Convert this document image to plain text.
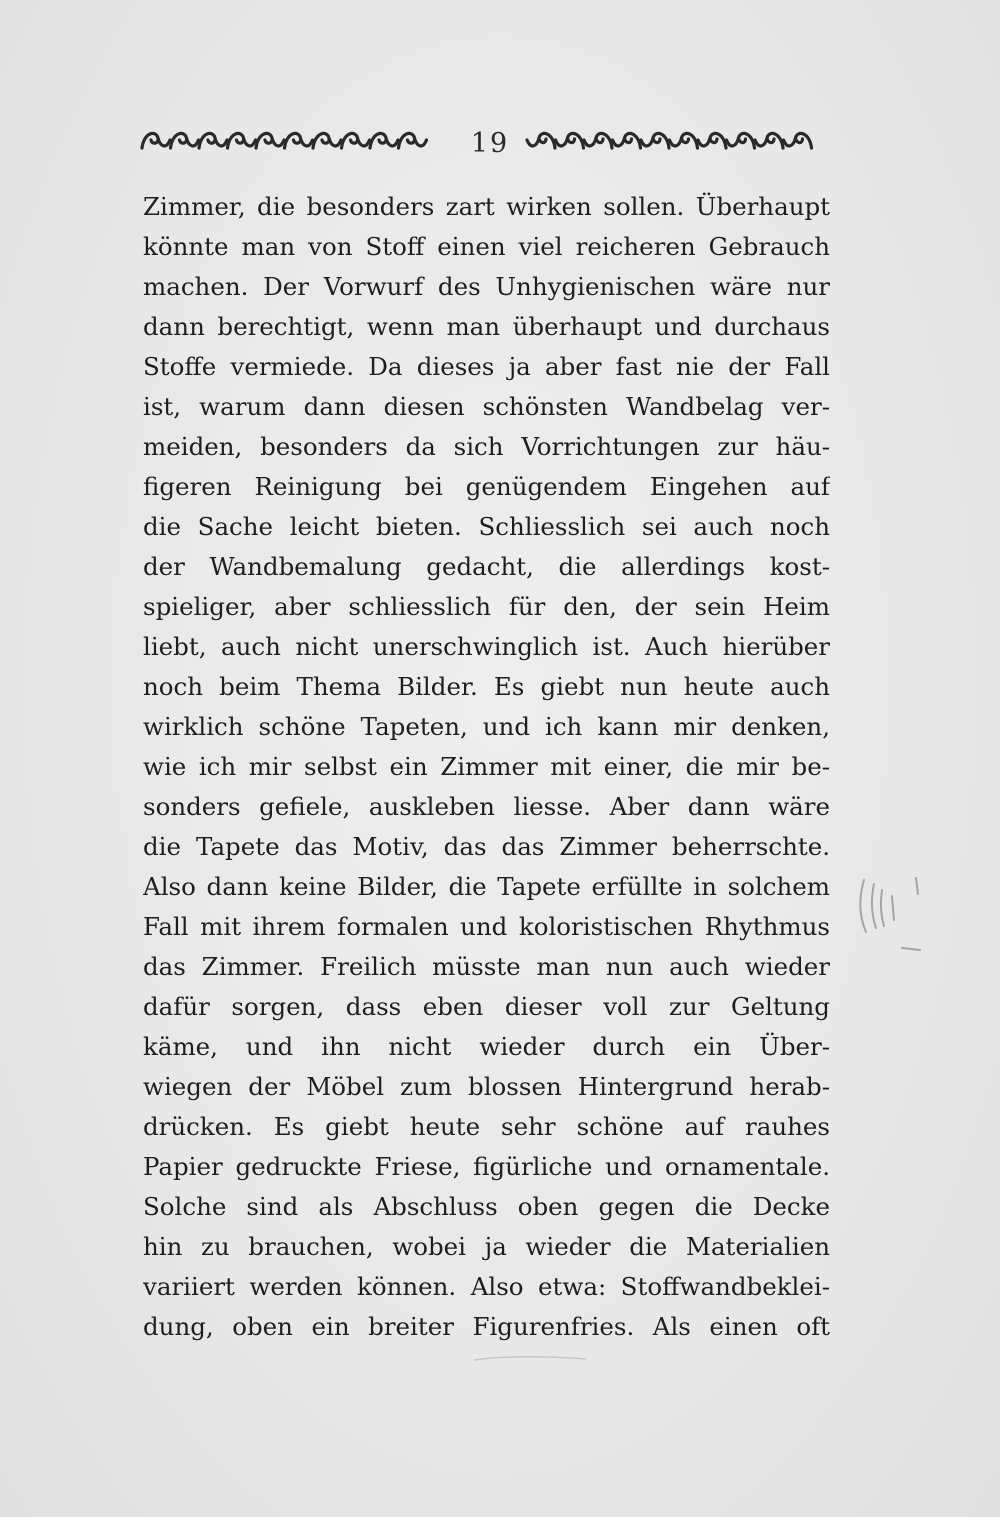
19
Zimmer, die besonders zart wirken sollen. Überhaupt
könnte man von Stoff einen viel reicheren Gebrauch
machen. Der Vorwurf des Unhygienischen wäre nur
dann berechtigt, wenn man überhaupt und durchaus
Stoffe vermiede. Da dieses ja aber fast nie der Fall
ist, warum dann diesen schönsten Wandbelag ver-
meiden, besonders da sich Vorrichtungen zur häu-
figeren Reinigung bei genügendem Eingehen auf
die Sache leicht bieten. Schliesslich sei auch noch
der Wandbemalung gedacht, die allerdings kost-
spieliger, aber schliesslich für den, der sein Heim
liebt, auch nicht unerschwinglich ist. Auch hierüber
noch beim Thema Bilder. Es giebt nun heute auch
wirklich schöne Tapeten, und ich kann mir denken,
wie ich mir selbst ein Zimmer mit einer, die mir be-
sonders gefiele, auskleben liesse. Aber dann wäre
die Tapete das Motiv, das das Zimmer beherrschte.
Also dann keine Bilder, die Tapete erfüllte in solchem
Fall mit ihrem formalen und koloristischen Rhythmus
das Zimmer. Freilich müsste man nun auch wieder
dafür sorgen, dass eben dieser voll zur Geltung
käme, und ihn nicht wieder durch ein Über-
wiegen der Möbel zum blossen Hintergrund herab-
drücken. Es giebt heute sehr schöne auf rauhes
Papier gedruckte Friese, figürliche und ornamentale.
Solche sind als Abschluss oben gegen die Decke
hin zu brauchen, wobei ja wieder die Materialien
variiert werden können. Also etwa: Stoffwandbeklei-
dung, oben ein breiter Figurenfries. Als einen oft
